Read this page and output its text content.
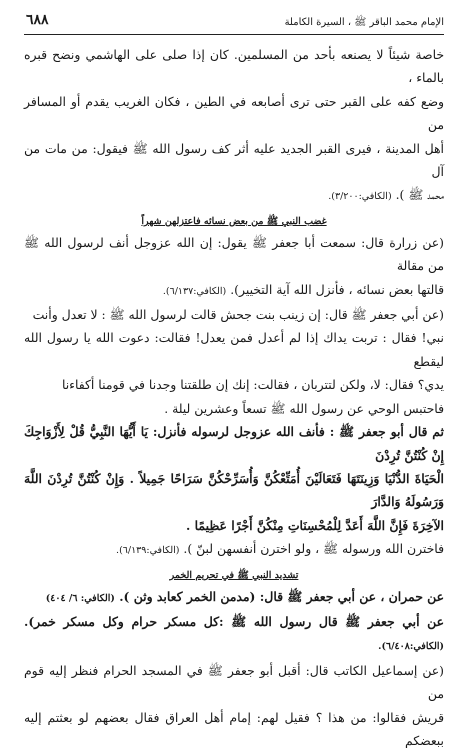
الإمام محمد الباقر ﷺ ، السيرة الكاملة
٦٨٨

خاصة شيئاً لا يصنعه بأحد من المسلمين. كان إذا صلى على الهاشمي ونضح قبره بالماء ،

وضع كفه على القبر حتى ترى أصابعه في الطين ، فكان الغريب يقدم أو المسافر من

أهل المدينة ، فيرى القبر الجديد عليه أثر كف رسول الله ﷺ فيقول: من مات من آل

محمد ﷺ ). (الكافي:٣/٢٠٠).

غضب النبي ﷺ من بعض نسائه فاعتزلهن شهراً

(عن زرارة قال: سمعت أبا جعفر ﷺ يقول: إن الله عزوجل أنف لرسول الله ﷺ من مقالة

قالتها بعض نسائه ، فأنزل الله آية التخيير). (الكافي:٦/١٣٧).

(عن أبي جعفر ﷺ قال: إن زينب بنت جحش قالت لرسول الله ﷺ : لا تعدل وأنت

نبي! فقال : تربت يداك إذا لم أعدل فمن يعدل! فقالت: دعوت الله يا رسول الله ليقطع

يدي؟ فقال: لا، ولكن لتتربان ، فقالت: إنك إن طلقتنا وجدنا في قومنا أكفاءنا

فاحتبس الوحي عن رسول الله ﷺ تسعاً وعشرين ليلة .

ثم قال أبو جعفر ﷺ : فأنف الله عزوجل لرسوله فأنزل: يَا أَيُّهَا النَّبِيُّ قُلْ لِأَزْوَاجِكَ إِنْ كُنْتُنَّ تُرِدْنَ

الْحَيَاةَ الدُّنْيَا وَزِينَتَهَا فَتَعَالَيْنَ أُمَتِّعْكُنَّ وَأُسَرِّحْكُنَّ سَرَاحًا جَمِيلاً . وَإِنْ كُنْتُنَّ تُرِدْنَ اللَّهَ وَرَسُولَهُ وَالدَّارَ

الآخِرَةَ فَإِنَّ اللَّهَ أَعَدَّ لِلْمُحْسِنَاتِ مِنْكُنَّ أَجْرًا عَظِيمًا .

فاخترن الله ورسوله ﷺ ، ولو اخترن أنفسهن لبنّ ). (الكافي:٦/١٣٩).

تشديد النبي ﷺ في تحريم الخمر

عن حمران ، عن أبي جعفر ﷺ قال: (مدمن الخمر كعابد وثن ). (الكافي: ٦/ ٤٠٤)

عن أبي جعفر ﷺ قال رسول الله ﷺ :كل مسكر حرام وكل مسكر خمر). (الكافي:٦/٤٠٨).

(عن إسماعيل الكاتب قال: أقبل أبو جعفر ﷺ في المسجد الحرام فنظر إليه قوم من

قريش فقالوا: من هذا ؟ فقيل لهم: إمام أهل العراق فقال بعضهم لو بعثتم إليه ببعضكم
